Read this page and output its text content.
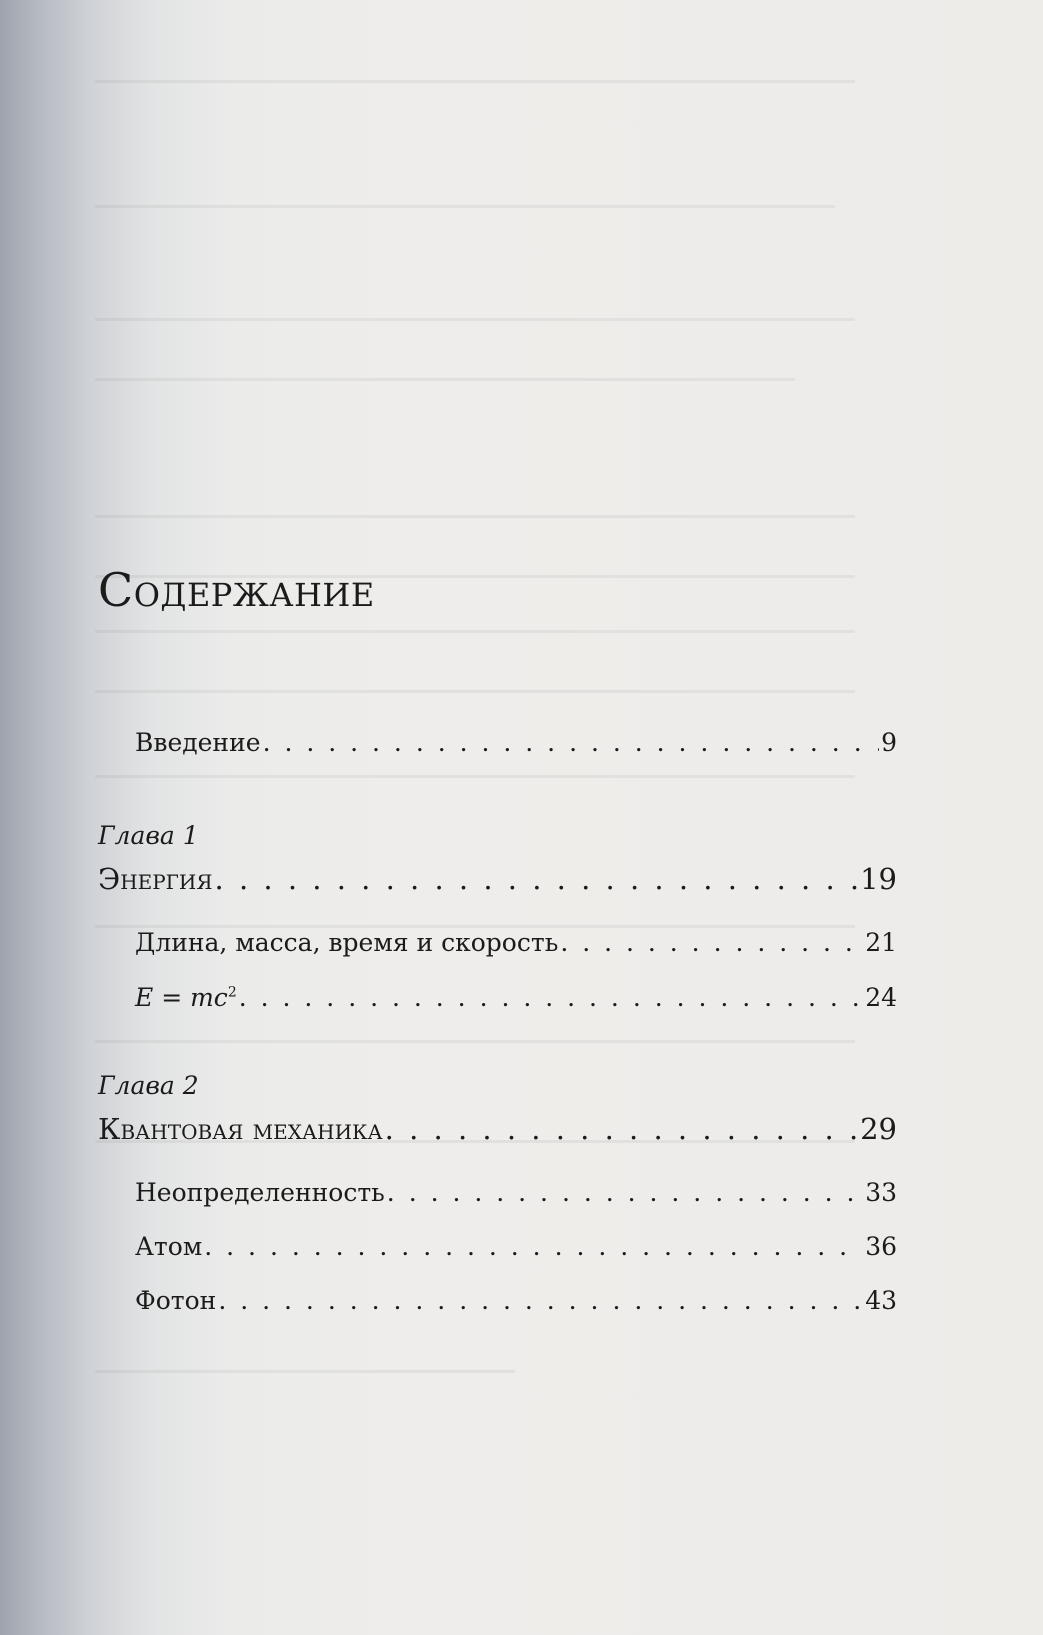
Содержание
Введение . . .	9
Глава 1
Энергия . . .	19
Длина, масса, время и скорость . . .	21
$E = mc^2$ . . .	24
Глава 2
Квантовая механика . . .	29
Неопределенность . . .	33
Атом . . .	36
Фотон . . .	43
